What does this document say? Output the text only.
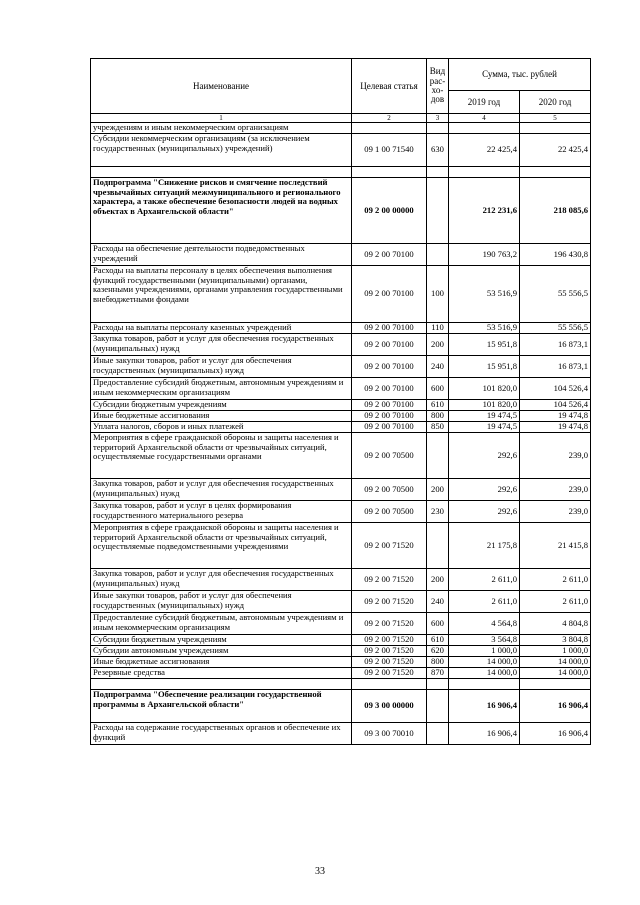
Наименование	Целевая статья	Вид
рас-
хо-
дов	Сумма, тыс. рублей	
			2019 год	2020 год
1	2	3	4	5
учреждениям и иным некоммерческим организациям				
Субсидии некоммерческим организациям (за исключением государственных (муниципальных) учреждений)	09 1 00 71540	630	22 425,4	22 425,4

Подпрограмма "Снижение рисков и смягчение последствий чрезвычайных ситуаций межмуниципального и регионального характера, а также обеспечение безопасности людей на водных объектах в Архангельской области"	09 2 00 00000		212 231,6	218 085,6
Расходы на обеспечение деятельности подведомственных учреждений	09 2 00 70100		190 763,2	196 430,8
Расходы на выплаты персоналу в целях обеспечения выполнения функций государственными (муниципальными) органами, казенными учреждениями, органами управления государственными внебюджетными фондами	09 2 00 70100	100	53 516,9	55 556,5
Расходы на выплаты персоналу казенных учреждений	09 2 00 70100	110	53 516,9	55 556,5
Закупка товаров, работ и услуг для обеспечения государственных (муниципальных) нужд	09 2 00 70100	200	15 951,8	16 873,1
Иные закупки товаров, работ и услуг для обеспечения государственных (муниципальных) нужд	09 2 00 70100	240	15 951,8	16 873,1
Предоставление субсидий бюджетным, автономным учреждениям и иным некоммерческим организациям	09 2 00 70100	600	101 820,0	104 526,4
Субсидии бюджетным учреждениям	09 2 00 70100	610	101 820,0	104 526,4
Иные бюджетные ассигнования	09 2 00 70100	800	19 474,5	19 474,8
Уплата налогов, сборов и иных платежей	09 2 00 70100	850	19 474,5	19 474,8
Мероприятия в сфере гражданской обороны и защиты населения и территорий Архангельской области от чрезвычайных ситуаций, осуществляемые государственными органами	09 2 00 70500		292,6	239,0
Закупка товаров, работ и услуг для обеспечения государственных (муниципальных) нужд	09 2 00 70500	200	292,6	239,0
Закупка товаров, работ и услуг в целях формирования государственного материального резерва	09 2 00 70500	230	292,6	239,0
Мероприятия в сфере гражданской обороны и защиты населения и территорий Архангельской области от чрезвычайных ситуаций, осуществляемые подведомственными учреждениями	09 2 00 71520		21 175,8	21 415,8
Закупка товаров, работ и услуг для обеспечения государственных (муниципальных) нужд	09 2 00 71520	200	2 611,0	2 611,0
Иные закупки товаров, работ и услуг для обеспечения государственных (муниципальных) нужд	09 2 00 71520	240	2 611,0	2 611,0
Предоставление субсидий бюджетным, автономным учреждениям и иным некоммерческим организациям	09 2 00 71520	600	4 564,8	4 804,8
Субсидии бюджетным учреждениям	09 2 00 71520	610	3 564,8	3 804,8
Субсидии автономным учреждениям	09 2 00 71520	620	1 000,0	1 000,0
Иные бюджетные ассигнования	09 2 00 71520	800	14 000,0	14 000,0
Резервные средства	09 2 00 71520	870	14 000,0	14 000,0

Подпрограмма "Обеспечение реализации государственной программы в Архангельской области"	09 3 00 00000		16 906,4	16 906,4
Расходы на содержание государственных органов и обеспечение их функций	09 3 00 70010		16 906,4	16 906,4
33
